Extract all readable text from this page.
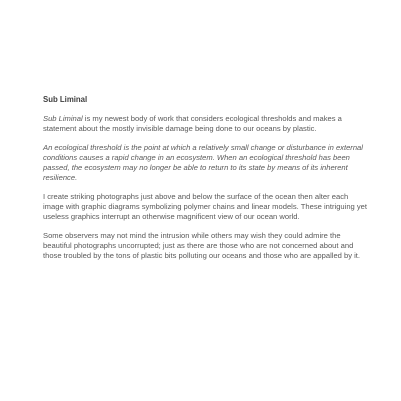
Sub Liminal

Sub Liminal is my newest body of work that considers ecological thresholds and makes a statement about the mostly invisible damage being done to our oceans by plastic.

An ecological threshold is the point at which a relatively small change or disturbance in external conditions causes a rapid change in an ecosystem. When an ecological threshold has been passed, the ecosystem may no longer be able to return to its state by means of its inherent resilience.

I create striking photographs just above and below the surface of the ocean then alter each image with graphic diagrams symbolizing polymer chains and linear models. These intriguing yet useless graphics interrupt an otherwise magnificent view of our ocean world.

Some observers may not mind the intrusion while others may wish they could admire the beautiful photographs uncorrupted; just as there are those who are not concerned about and those troubled by the tons of plastic bits polluting our oceans and those who are appalled by it.
